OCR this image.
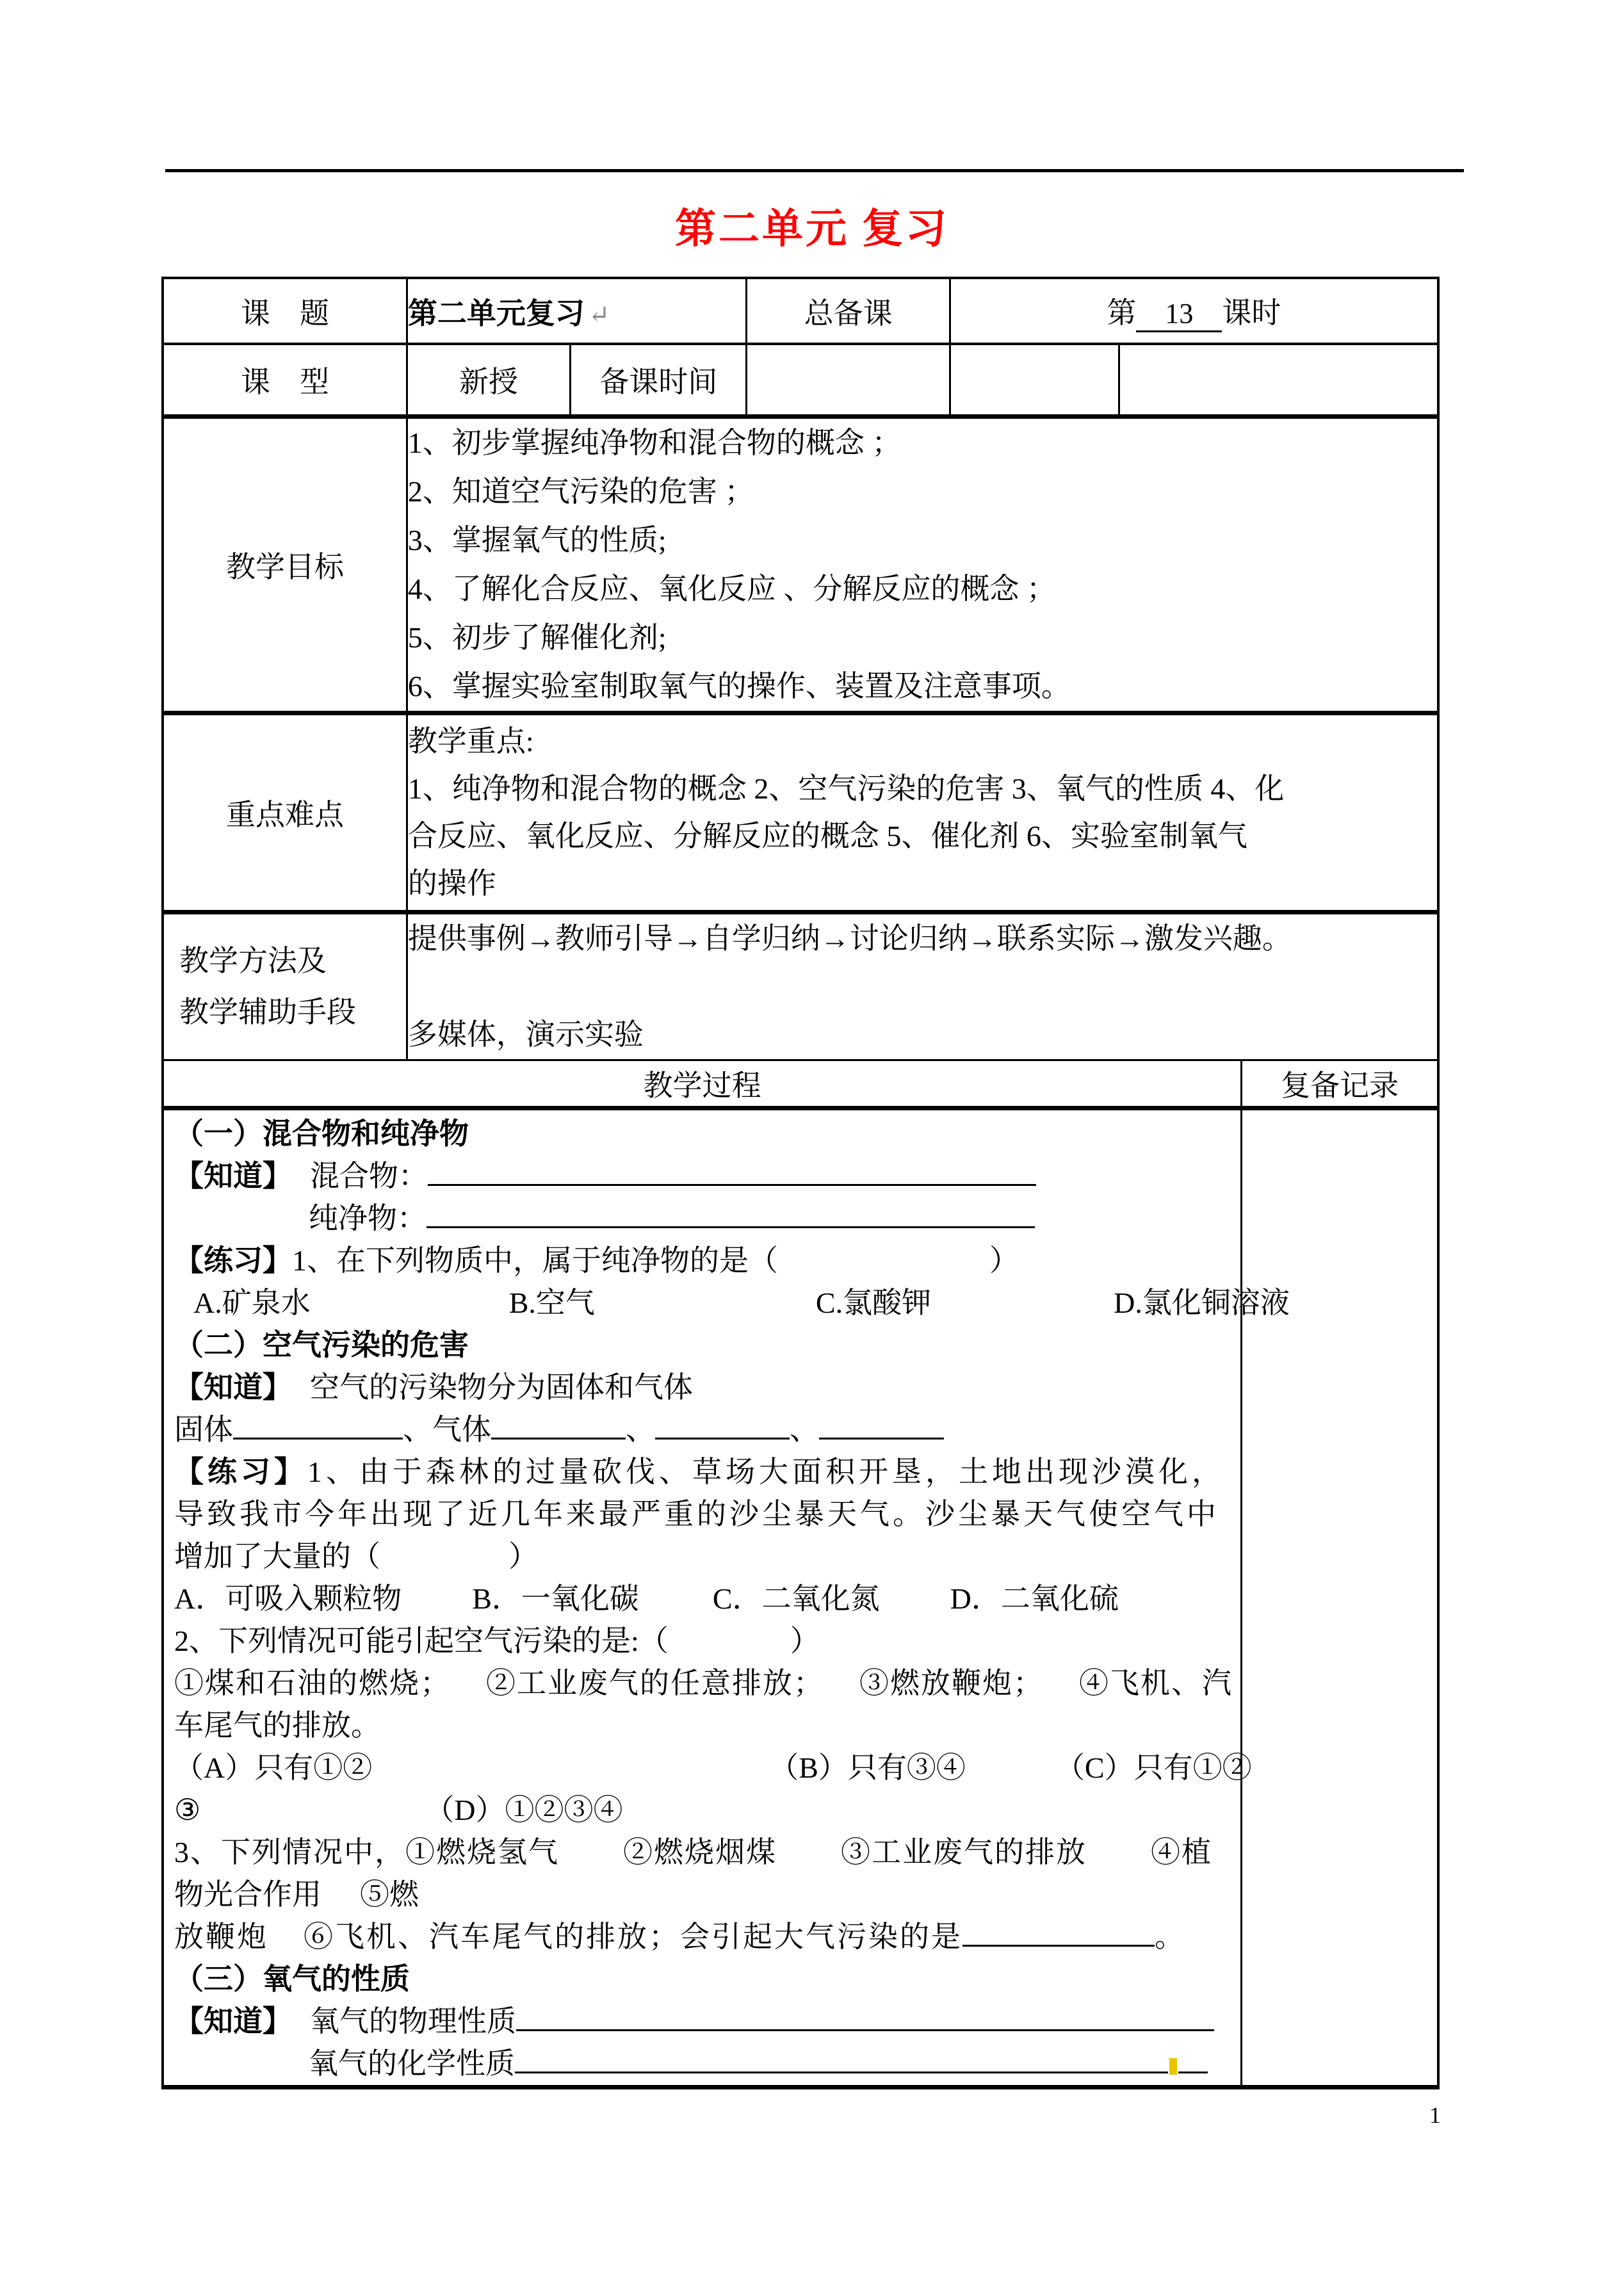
第二单元 复习
课　题	第二单元复习 ↵		总备课	第 13 课时		
课　型	新授	备课时间				
教学目标	
1、初步掌握纯净物和混合物的概念 ；
2、知道空气污染的危害 ；
3、掌握氧气的性质;
4、了解化合反应、氧化反应 、分解反应的概念 ；
5、初步了解催化剂;
6、掌握实验室制取氧气的操作、装置及注意事项。

重点难点	教学重点:
1、纯净物和混合物的概念 2、空气污染的危害 3、氧气的性质 4、化
合反应、氧化反应、分解反应的概念 5、催化剂 6、实验室制氧气
的操作					

教学方法及
教学辅助手段

提供事例→教师引导→自学归纳→讨论归纳→联系实际→激发兴趣。
多媒体，演示实验

教学过程						复备记录

（一）混合物和纯净物
【知道】 混合物：
纯净物：
【练习】1、在下列物质中，属于纯净物的是（	）
A.矿泉水	B.空气	C.氯酸钾	D.氯化铜溶液
（二）空气污染的危害
【知道】 空气的污染物分为固体和气体
固体	、气体	、	、
【练习】1、由于森林的过量砍伐、草场大面积开垦，土地出现沙漠化，
导致我市今年出现了近几年来最严重的沙尘暴天气。沙尘暴天气使空气中
增加了大量的（	）
A．可吸入颗粒物 B．一氧化碳	C．二氧化氮 D．二氧化硫
2、下列情况可能引起空气污染的是:（	）
①煤和石油的燃烧； ②工业废气的任意排放； ③燃放鞭炮； ④飞机、汽
车尾气的排放。
（A）只有①②	（B）只有③④	（C）只有①②
③	（D）①②③④
3、下列情况中，①燃烧氢气 ②燃烧烟煤 ③工业废气的排放 ④植
物光合作用 ⑤燃
放鞭炮 ⑥飞机、汽车尾气的排放；会引起大气污染的是	。
（三）氧气的性质
【知道】 氧气的物理性质
氧气的化学性质

1
